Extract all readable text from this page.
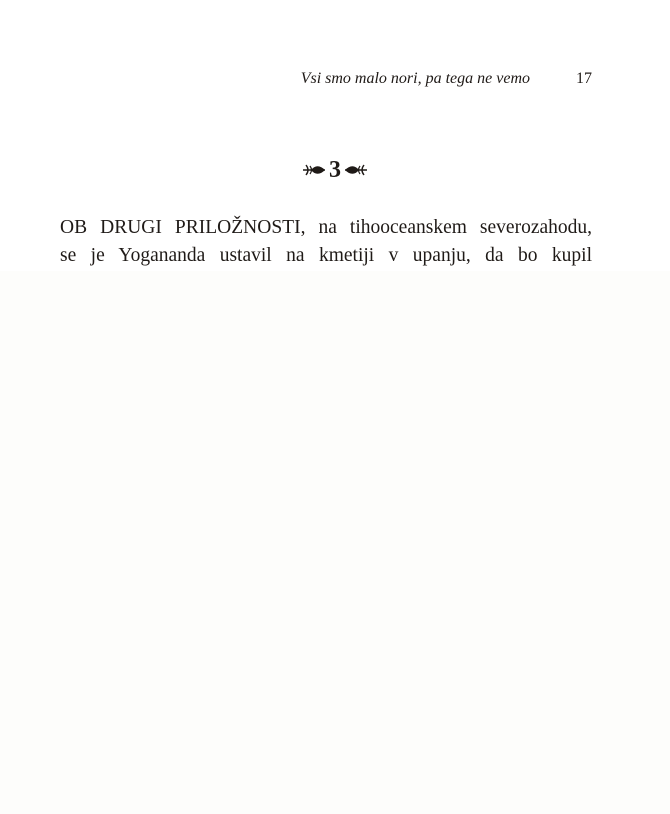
Vsi smo malo nori, pa tega ne vemo	17
3

OB DRUGI PRILOŽNOSTI, na tihooceanskem severozahodu,
se je Yogananda ustavil na kmetiji v upanju, da bo kupil
